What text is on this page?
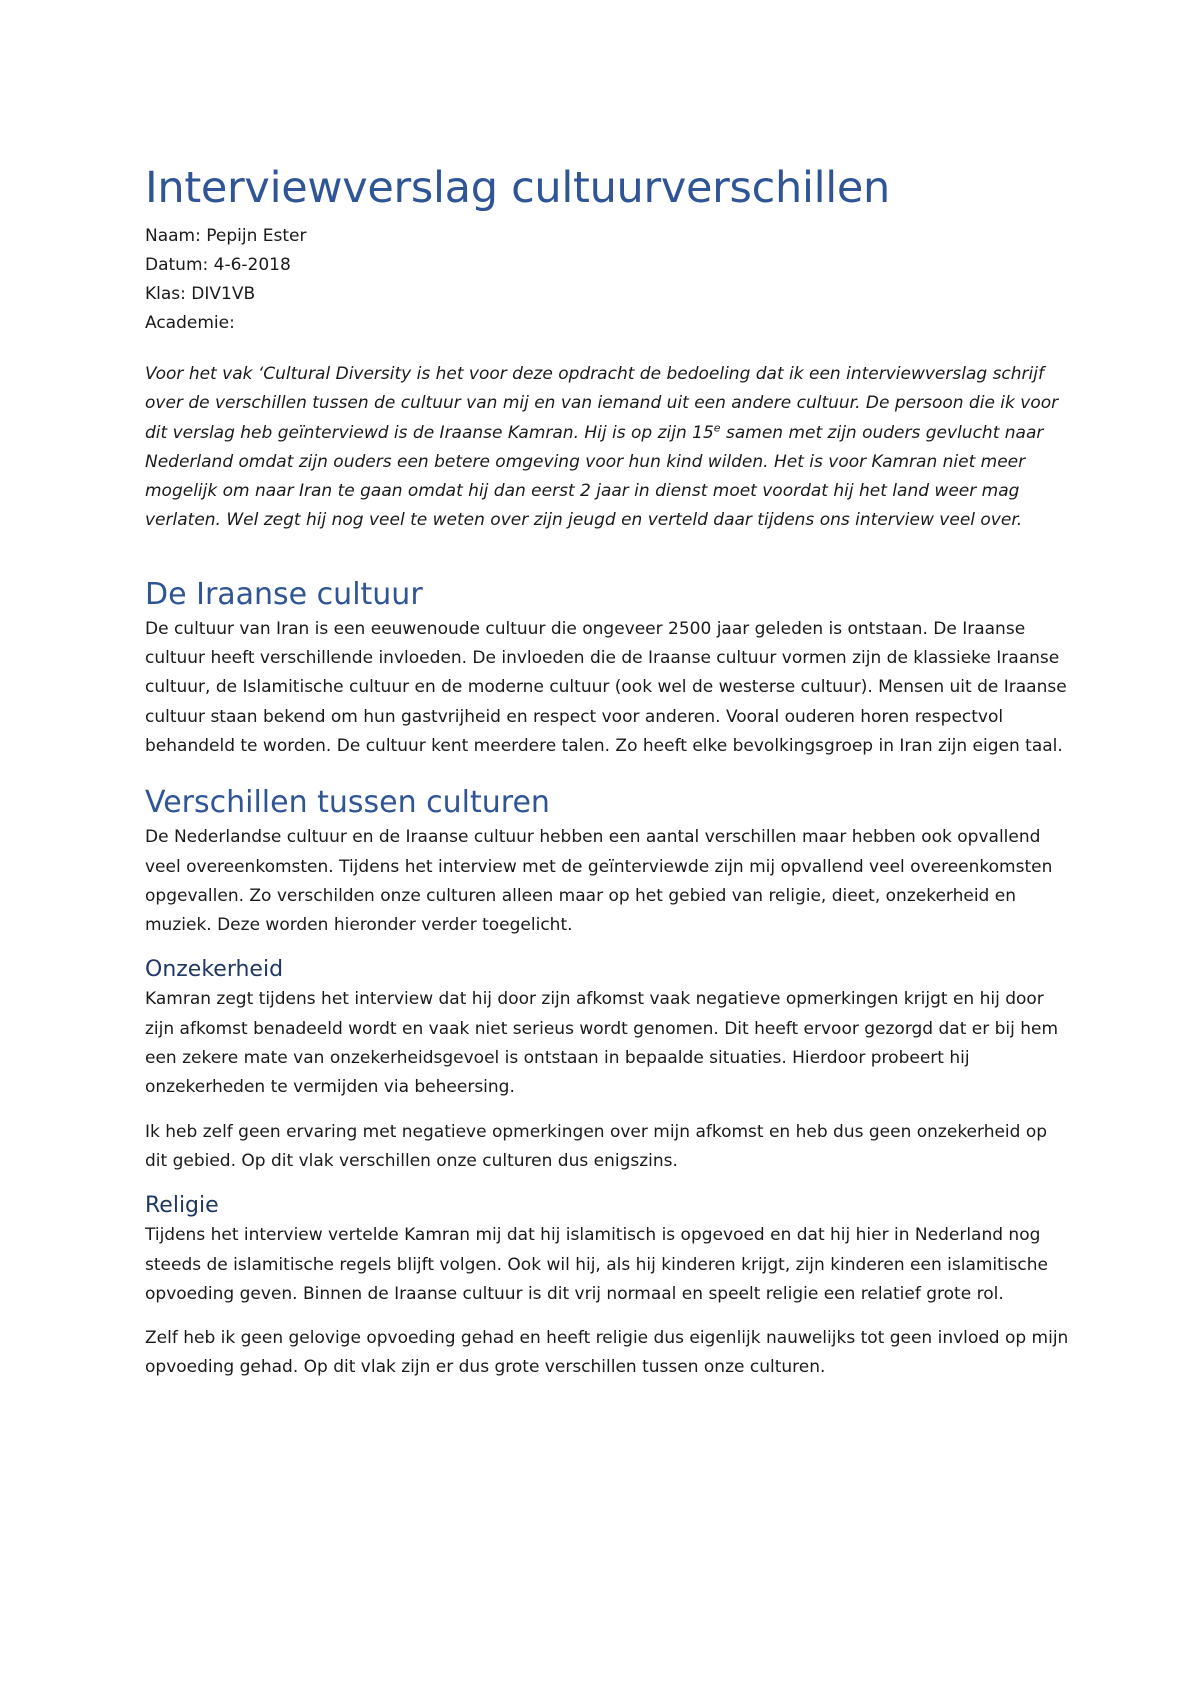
Interviewverslag cultuurverschillen

Naam: Pepijn Ester

Datum: 4-6-2018

Klas: DIV1VB

Academie:

Voor het vak ‘Cultural Diversity is het voor deze opdracht de bedoeling dat ik een interviewverslag schrijf over de verschillen tussen de cultuur van mij en van iemand uit een andere cultuur. De persoon die ik voor dit verslag heb geïnterviewd is de Iraanse Kamran. Hij is op zijn 15e samen met zijn ouders gevlucht naar Nederland omdat zijn ouders een betere omgeving voor hun kind wilden. Het is voor Kamran niet meer mogelijk om naar Iran te gaan omdat hij dan eerst 2 jaar in dienst moet voordat hij het land weer mag verlaten. Wel zegt hij nog veel te weten over zijn jeugd en verteld daar tijdens ons interview veel over.

De Iraanse cultuur

De cultuur van Iran is een eeuwenoude cultuur die ongeveer 2500 jaar geleden is ontstaan. De Iraanse cultuur heeft verschillende invloeden. De invloeden die de Iraanse cultuur vormen zijn de klassieke Iraanse cultuur, de Islamitische cultuur en de moderne cultuur (ook wel de westerse cultuur). Mensen uit de Iraanse cultuur staan bekend om hun gastvrijheid en respect voor anderen. Vooral ouderen horen respectvol behandeld te worden. De cultuur kent meerdere talen. Zo heeft elke bevolkingsgroep in Iran zijn eigen taal.

Verschillen tussen culturen

De Nederlandse cultuur en de Iraanse cultuur hebben een aantal verschillen maar hebben ook opvallend veel overeenkomsten. Tijdens het interview met de geïnterviewde zijn mij opvallend veel overeenkomsten opgevallen. Zo verschilden onze culturen alleen maar op het gebied van religie, dieet, onzekerheid en muziek. Deze worden hieronder verder toegelicht.

Onzekerheid

Kamran zegt tijdens het interview dat hij door zijn afkomst vaak negatieve opmerkingen krijgt en hij door zijn afkomst benadeeld wordt en vaak niet serieus wordt genomen. Dit heeft ervoor gezorgd dat er bij hem een zekere mate van onzekerheidsgevoel is ontstaan in bepaalde situaties. Hierdoor probeert hij onzekerheden te vermijden via beheersing.

Ik heb zelf geen ervaring met negatieve opmerkingen over mijn afkomst en heb dus geen onzekerheid op dit gebied. Op dit vlak verschillen onze culturen dus enigszins.

Religie

Tijdens het interview vertelde Kamran mij dat hij islamitisch is opgevoed en dat hij hier in Nederland nog steeds de islamitische regels blijft volgen. Ook wil hij, als hij kinderen krijgt, zijn kinderen een islamitische opvoeding geven. Binnen de Iraanse cultuur is dit vrij normaal en speelt religie een relatief grote rol.

Zelf heb ik geen gelovige opvoeding gehad en heeft religie dus eigenlijk nauwelijks tot geen invloed op mijn opvoeding gehad. Op dit vlak zijn er dus grote verschillen tussen onze culturen.
